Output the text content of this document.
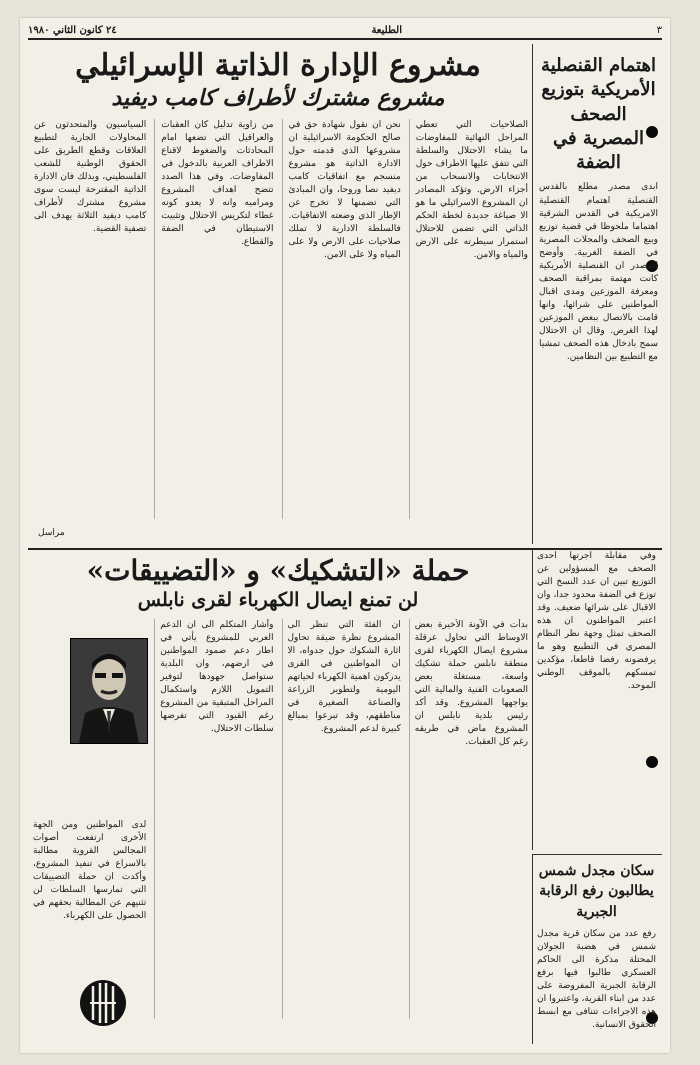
٣
الطليعة
٢٤ كانون الثاني ١٩٨٠
اهتمام القنصلية الأمريكية بتوزيع الصحف المصرية في الضفة

ابدى مصدر مطلع بالقدس القنصلية اهتمام القنصلية الامريكية في القدس الشرقية اهتماما ملحوظا في قضية توزيع وبيع الصحف والمجلات المصرية في الضفة الغربية. وأوضح المصدر ان القنصلية الأمريكية كانت مهتمة بمراقبة الصحف ومعرفة الموزعين ومدى اقبال المواطنين على شرائها، وانها قامت بالاتصال ببعض الموزعين لهذا الغرض. وقال ان الاحتلال سمح بادخال هذه الصحف تمشيا مع التطبيع بين النظامين.

مشروع الإدارة الذاتية الإسرائيلي
مشروع مشترك لأطراف كامب ديفيد

الصلاحيات التي تعطي المراحل النهائية للمفاوضات ما يشاء الاحتلال والسلطة التي تتفق عليها الاطراف حول الانتخابات والانسحاب من أجزاء الارض. وتؤكد المصادر ان المشروع الاسرائيلي ما هو الا صياغة جديدة لخطة الحكم الذاتي التي تضمن للاحتلال استمرار سيطرته على الارض والمياه والامن.

نحن ان نقول شهادة حق في صالح الحكومة الاسرائيلية ان مشروعها الذي قدمته حول الادارة الذاتية هو مشروع منسجم مع اتفاقيات كامب ديفيد نصا وروحا، وان المبادئ التي تضمنها لا تخرج عن الإطار الذي وضعته الاتفاقيات. فالسلطة الادارية لا تملك صلاحيات على الارض ولا على المياه ولا على الامن.

من زاوية تدليل كان العقبات والعراقيل التي تضعها امام المحادثات والضغوط لاقناع الاطراف العربية بالدخول في المفاوضات. وفي هذا الصدد تتضح اهداف المشروع ومراميه وانه لا يعدو كونه غطاء لتكريس الاحتلال وتثبيت الاستيطان في الضفة والقطاع.

السياسيون والمتحدثون عن المحاولات الجارية لتطبيع العلاقات وقطع الطريق على الحقوق الوطنية للشعب الفلسطيني، وبذلك فان الادارة الذاتية المقترحة ليست سوى مشروع مشترك لأطراف كامب ديفيد الثلاثة يهدف الى تصفية القضية.

مراسل
حملة «التشكيك» و «التضييقات»
لن تمنع ايصال الكهرباء لقرى نابلس

بدأت في الآونة الأخيرة بعض الاوساط التي تحاول عرقلة مشروع ايصال الكهرباء لقرى منطقة نابلس حملة تشكيك واسعة، مستغلة بعض الصعوبات الفنية والمالية التي يواجهها المشروع. وقد أكد رئيس بلدية نابلس ان المشروع ماض في طريقه رغم كل العقبات.

ان الفئة التي تنظر الى المشروع نظرة ضيقة تحاول اثارة الشكوك حول جدواه، الا ان المواطنين في القرى يدركون اهمية الكهرباء لحياتهم اليومية ولتطوير الزراعة والصناعة الصغيرة في مناطقهم، وقد تبرعوا بمبالغ كبيرة لدعم المشروع.

وأشار المتكلم الى ان الدعم العربي للمشروع يأتي في اطار دعم صمود المواطنين في ارضهم، وان البلدية ستواصل جهودها لتوفير التمويل اللازم واستكمال المراحل المتبقية من المشروع رغم القيود التي تفرضها سلطات الاحتلال.

لدى المواطنين ومن الجهة الأخرى ارتفعت أصوات المجالس القروية مطالبة بالاسراع في تنفيذ المشروع، وأكدت ان حملة التضييقات التي تمارسها السلطات لن تثنيهم عن المطالبة بحقهم في الحصول على الكهرباء.

وفي مقابلة اجرتها احدى الصحف مع المسؤولين عن التوزيع تبين ان عدد النسخ التي توزع في الضفة محدود جدا، وان الاقبال على شرائها ضعيف. وقد اعتبر المواطنون ان هذه الصحف تمثل وجهة نظر النظام المصري في التطبيع وهو ما يرفضونه رفضا قاطعا، مؤكدين تمسكهم بالموقف الوطني الموحد.

سكان مجدل شمس يطالبون رفع الرقابة الجبرية

رفع عدد من سكان قرية مجدل شمس في هضبة الجولان المحتلة مذكرة الى الحاكم العسكري طالبوا فيها برفع الرقابة الجبرية المفروضة على عدد من ابناء القرية، واعتبروا ان هذه الاجراءات تتنافى مع ابسط الحقوق الانسانية.
